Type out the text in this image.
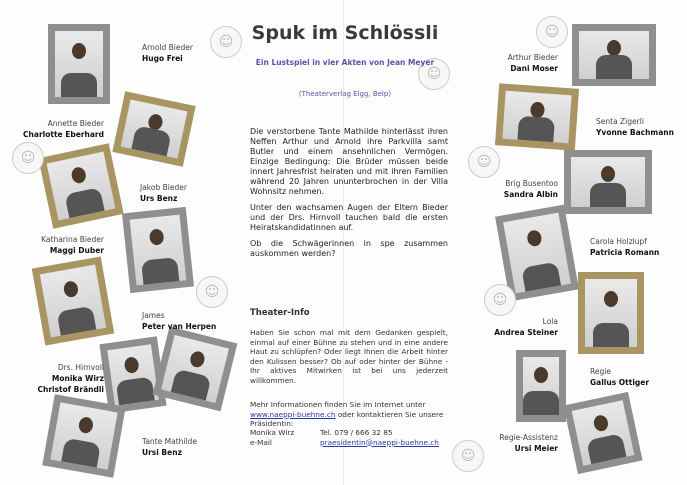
☺
☺
☺
☺
☺
☺
☺
☺
Arnold Bieder
Hugo Frei
Annette Bieder
Charlotte Eberhard
Jakob Bieder
Urs Benz
Katharina Bieder
Maggi Duber
James
Peter van Herpen
Drs. Hirnvoll
Monika Wirz
Christof Brändli
Tante Mathilde
Ursi Benz
Spuk im Schlössli
Ein Lustspiel in vier Akten von Jean Meyer
(Theaterverlag Elgg, Belp)

Die verstorbene Tante Mathilde hinterlässt ihren Neffen Arthur und Arnold ihre Parkvilla samt Butler und einem ansehnlichen Vermögen. Einzige Bedingung: Die Brüder müssen beide innert Jahresfrist heiraten und mit ihren Familien während 20 Jahren ununterbrochen in der Villa Wohnsitz nehmen.

Unter den wachsamen Augen der Eltern Bieder und der Drs. Hirnvoll tauchen bald die ersten Heiratskandidatinnen auf.

Ob die Schwägerinnen in spe zusammen auskommen werden?

Theater-Info
Haben Sie schon mal mit dem Gedanken gespielt, einmal auf einer Bühne zu stehen und in eine andere Haut zu schlüpfen? Oder liegt Ihnen die Arbeit hinter den Kulissen besser? Ob auf oder hinter der Bühne - Ihr aktives Mitwirken ist bei uns jederzeit willkommen.
Mehr Informationen finden Sie im Internet unter www.naeppi-buehne.ch oder kontaktieren Sie unsere Präsidentin:
Monika Wirz	Tel. 079 / 666 32 85
e-Mail	praesidentin@naeppi-buehne.ch
Arthur Bieder
Dani Moser
Senta Zigerli
Yvonne Bachmann
Brig Busentoo
Sandra Albin
Carola Holzlupf
Patricia Romann
Lola
Andrea Steiner
Regie
Gallus Ottiger
Regie-Assistenz
Ursi Meier
